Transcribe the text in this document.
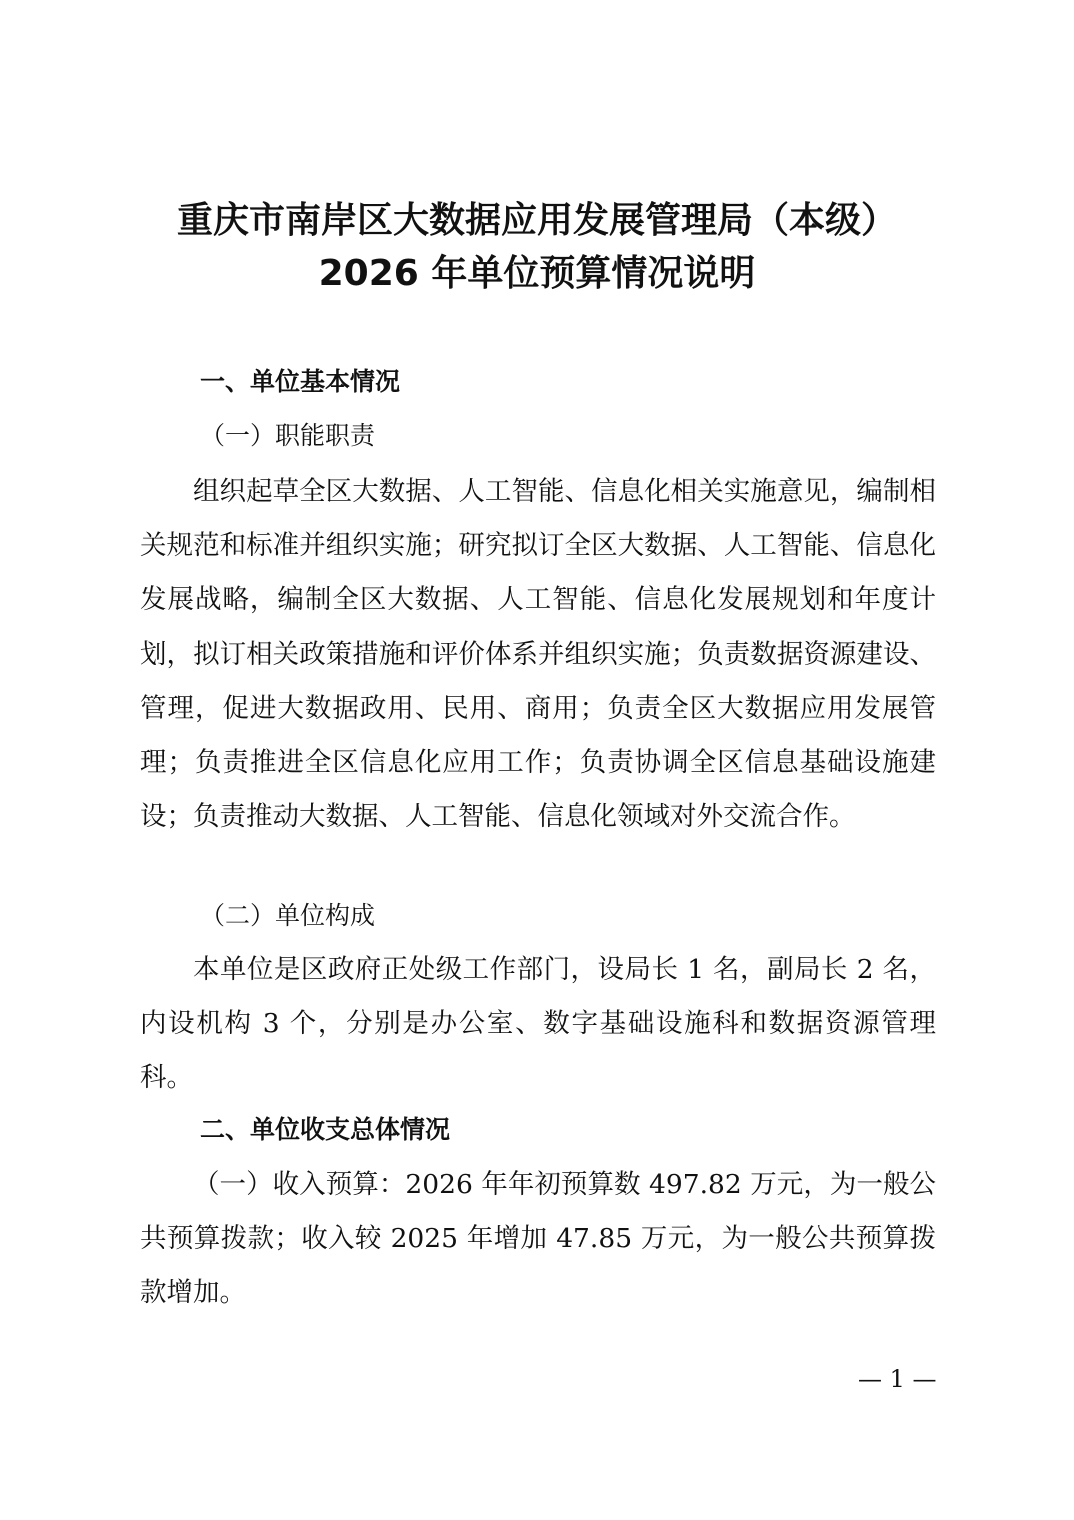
重庆市南岸区大数据应用发展管理局（本级）
2026 年单位预算情况说明
一、单位基本情况
（一）职能职责
组织起草全区大数据、人工智能、信息化相关实施意见，编制相关规范和标准并组织实施；研究拟订全区大数据、人工智能、信息化发展战略，编制全区大数据、人工智能、信息化发展规划和年度计划，拟订相关政策措施和评价体系并组织实施；负责数据资源建设、管理，促进大数据政用、民用、商用；负责全区大数据应用发展管理；负责推进全区信息化应用工作；负责协调全区信息基础设施建设；负责推动大数据、人工智能、信息化领域对外交流合作。
（二）单位构成
本单位是区政府正处级工作部门，设局长 1 名，副局长 2 名，内设机构 3 个，分别是办公室、数字基础设施科和数据资源管理科。
二、单位收支总体情况
（一）收入预算：2026 年年初预算数 497.82 万元，为一般公共预算拨款；收入较 2025 年增加 47.85 万元，为一般公共预算拨款增加。
— 1 —
